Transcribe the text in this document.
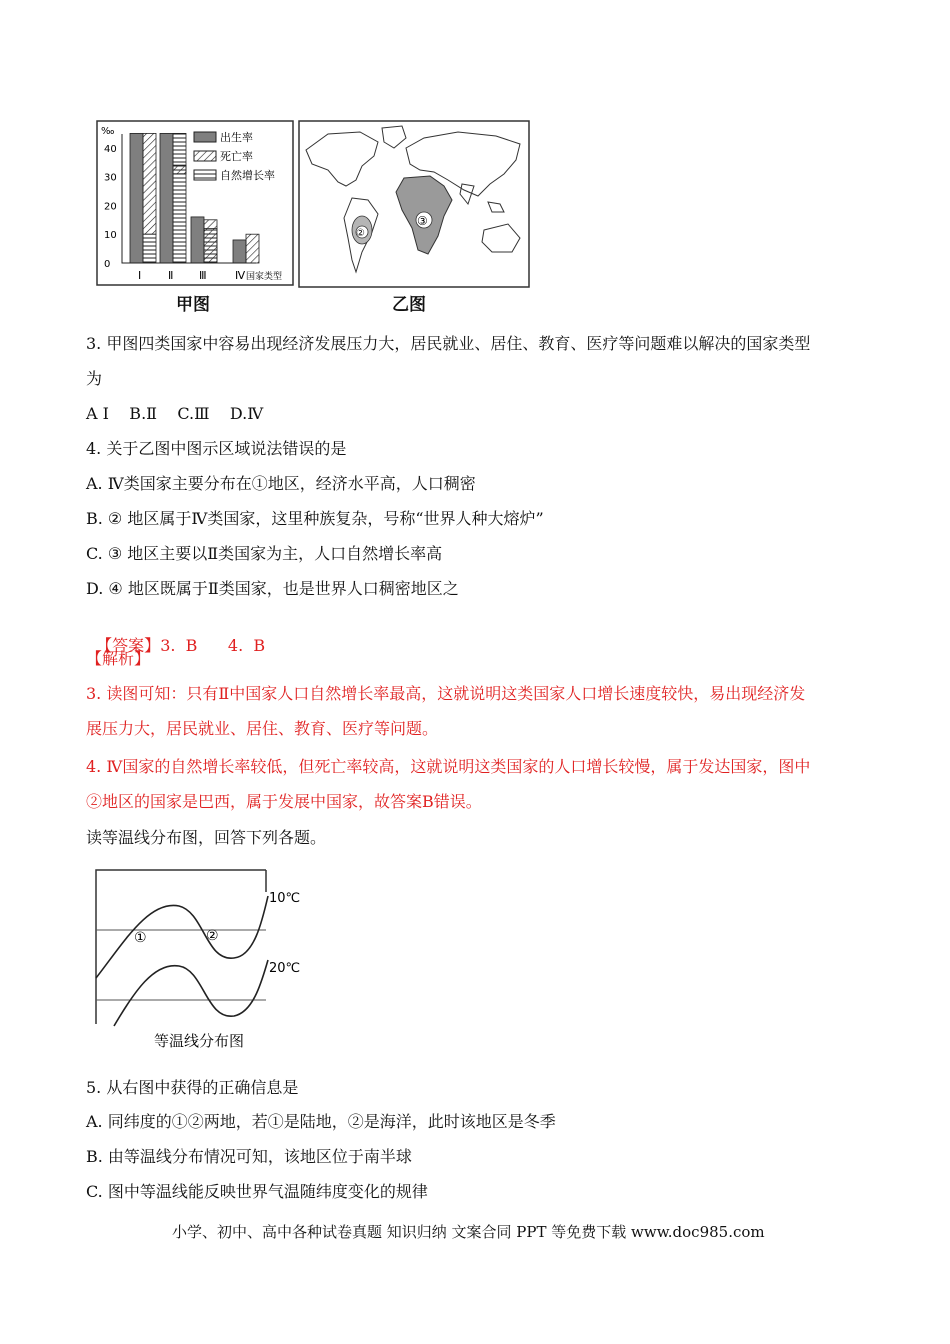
40
30
20
10
0
Ⅰ Ⅱ Ⅲ	Ⅳ
‰
国家类型
出生率
死亡率
自然增长率
甲图
③
②
乙图
3. 甲图四类国家中容易出现经济发展压力大，居民就业、居住、教育、医疗等问题难以解决的国家类型
为
A Ⅰ    B.Ⅱ    C.Ⅲ    D.Ⅳ
4. 关于乙图中图示区域说法错误的是
A. Ⅳ类国家主要分布在①地区，经济水平高，人口稠密
B. ② 地区属于Ⅳ类国家，这里种族复杂，号称“世界人种大熔炉”
C. ③ 地区主要以Ⅱ类国家为主，人口自然增长率高
D. ④ 地区既属于Ⅱ类国家，也是世界人口稠密地区之

【答案】3.  B      4.  B

【解析】
3. 读图可知：只有Ⅱ中国家人口自然增长率最高，这就说明这类国家人口增长速度较快，易出现经济发
展压力大，居民就业、居住、教育、医疗等问题。
4. Ⅳ国家的自然增长率较低，但死亡率较高，这就说明这类国家的人口增长较慢，属于发达国家，图中
②地区的国家是巴西，属于发展中国家，故答案B错误。
读等温线分布图，回答下列各题。
10℃
20℃
①	②
等温线分布图
5. 从右图中获得的正确信息是
A. 同纬度的①②两地，若①是陆地，②是海洋，此时该地区是冬季
B. 由等温线分布情况可知，该地区位于南半球
C. 图中等温线能反映世界气温随纬度变化的规律
小学、初中、高中各种试卷真题 知识归纳 文案合同 PPT 等免费下载 www.doc985.com
